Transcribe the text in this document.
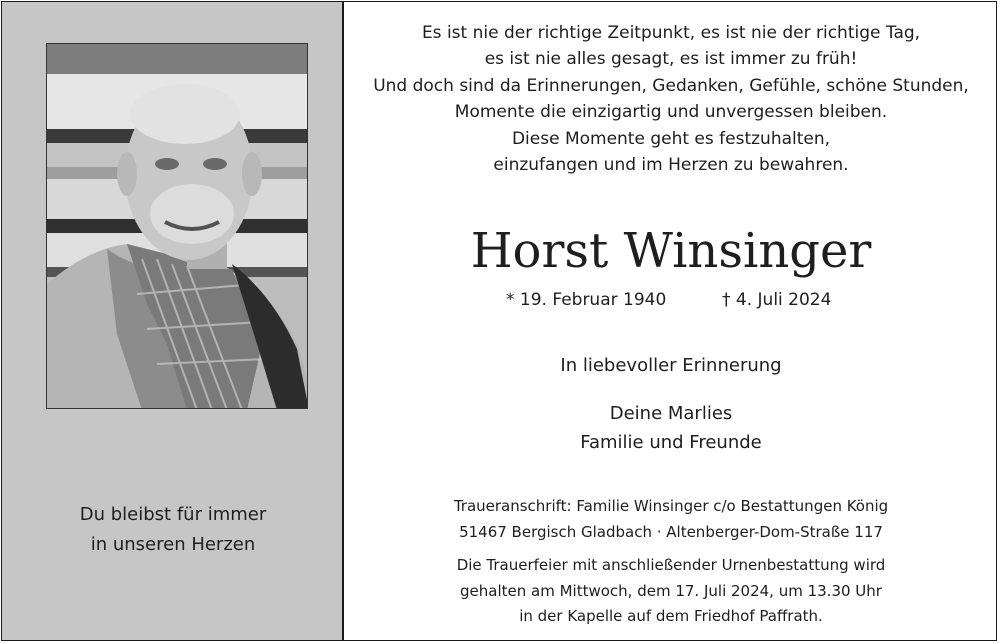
Du bleibst für immer
in unseren Herzen
Es ist nie der richtige Zeitpunkt, es ist nie der richtige Tag,
es ist nie alles gesagt, es ist immer zu früh!
Und doch sind da Erinnerungen, Gedanken, Gefühle, schöne Stunden,
Momente die einzigartig und unvergessen bleiben.
Diese Momente geht es festzuhalten,
einzufangen und im Herzen zu bewahren.
Horst Winsinger
* 19. Februar 1940	† 4. Juli 2024
In liebevoller Erinnerung
Deine Marlies
Familie und Freunde
Traueranschrift: Familie Winsinger c/o Bestattungen König
51467 Bergisch Gladbach · Altenberger-Dom-Straße 117
Die Trauerfeier mit anschließender Urnenbestattung wird
gehalten am Mittwoch, dem 17. Juli 2024, um 13.30 Uhr
in der Kapelle auf dem Friedhof Paffrath.
